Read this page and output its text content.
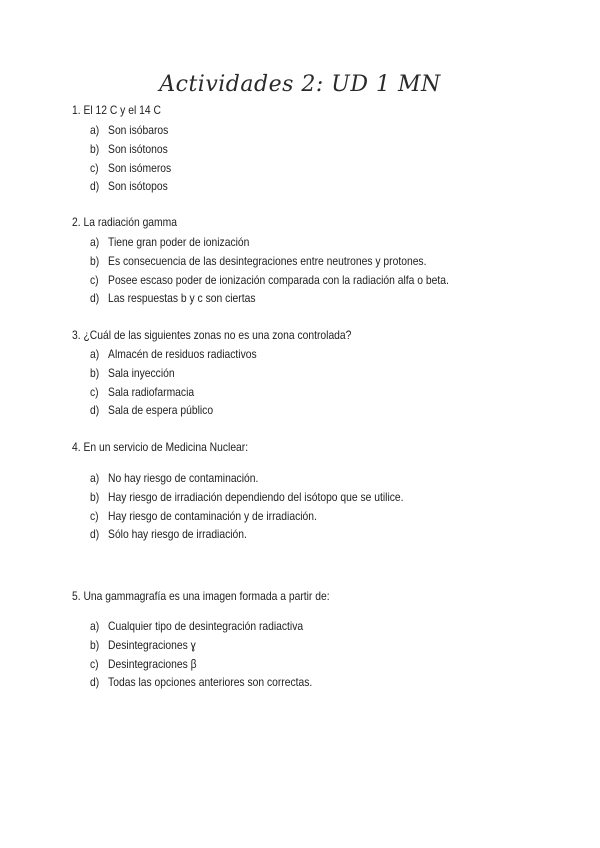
Actividades 2: UD 1 MN
1. El 12 C y el 14 C
a) Son isóbaros
b) Son isótonos
c) Son isómeros
d) Son isótopos
2. La radiación gamma
a) Tiene gran poder de ionización
b) Es consecuencia de las desintegraciones entre neutrones y protones.
c) Posee escaso poder de ionización comparada con la radiación alfa o beta.
d) Las respuestas b y c son ciertas
3. ¿Cuál de las siguientes zonas no es una zona controlada?
a) Almacén de residuos radiactivos
b) Sala inyección
c) Sala radiofarmacia
d) Sala de espera público
4. En un servicio de Medicina Nuclear:
a) No hay riesgo de contaminación.
b) Hay riesgo de irradiación dependiendo del isótopo que se utilice.
c) Hay riesgo de contaminación y de irradiación.
d) Sólo hay riesgo de irradiación.
5. Una gammagrafía es una imagen formada a partir de:
a) Cualquier tipo de desintegración radiactiva
b) Desintegraciones ɣ
c) Desintegraciones β
d) Todas las opciones anteriores son correctas.
